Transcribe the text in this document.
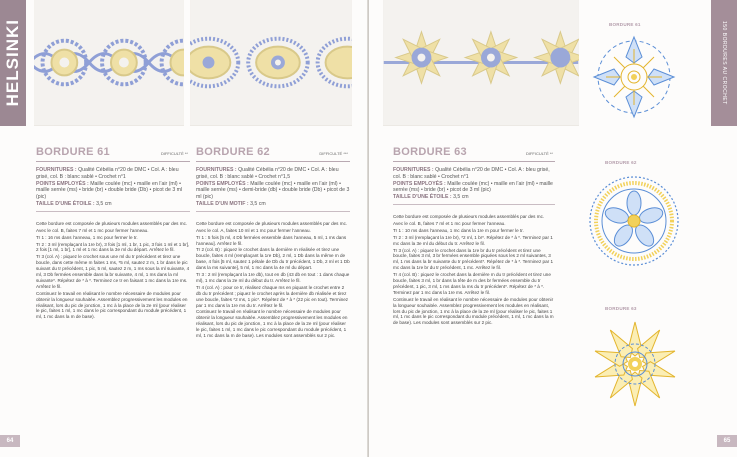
HELSINKI
BORDURE 61	DIFFICULTÉ **
FOURNITURES : Qualité Cébélia n°20 de DMC • Col. A : bleu grisé, col. B : blanc sablé • Crochet n°1
POINTS EMPLOYÉS : Maille coulée (mc) • maille en l’air (ml) • maille serrée (ms) • bride (br) • double bride (Db) • picot de 3 ml (pic)
TAILLE D’UNE ÉTOILE : 3,5 cm

Cette bordure est composée de plusieurs modules assemblés par des mc.

Avec le col. B, faites 7 ml et 1 mc pour fermer l’anneau.

Tr 1 : 16 ms dans l’anneau, 1 mc pour fermer le tr.

Tr 2 : 3 ml (remplaçant la 1re br), 3 fois [1 ml, 1 br, 1 pic, 3 fois 1 ml et 1 br], 2 fois [1 ml, 1 br], 1 ml et 1 mc dans la 3e ml du départ. Arrêtez le fil.

Tr 3 (col. A) : piquez le crochet sous une ml du tr précédent et tirez une boucle, dans cette même m faites 1 ms, *5 ml, sautez 2 m, 1 br dans le pic suivant du tr précédent, 1 pic, 5 ml, sautez 2 m, 1 ms sous la ml suivante, 4 ml, 3 Db fermées ensemble dans la br suivante, 4 ml, 1 ms dans la ml suivante*. Répétez de * à *. Terminez ce tr en faisant 1 mc dans la 1re ms. Arrêtez le fil.

Continuez le travail en réalisant le nombre nécessaire de modules pour obtenir la longueur souhaitée. Assemblez progressivement les modules en réalisant, lors du pic de jonction, 1 mc à la place de la 2e ml (pour réaliser le pic, faites 1 ml, 1 mc dans le pic correspondant du module précédent, 1 ml, 1 mc dans la m de base).

BORDURE 62	DIFFICULTÉ ***
FOURNITURES : Qualité Cébélia n°20 de DMC • Col. A : bleu grisé, col. B : blanc sablé • Crochet n°1,5
POINTS EMPLOYÉS : Maille coulée (mc) • maille en l’air (ml) • maille serrée (ms) • demi-bride (db) • double bride (Db) • picot de 3 ml (pic)
TAILLE D’UN MOTIF : 3,5 cm

Cette bordure est composée de plusieurs modules assemblés par des mc.

Avec le col. A, faites 10 ml et 1 mc pour fermer l’anneau.

Tr 1 : 5 fois [5 ml, 4 Db fermées ensemble dans l’anneau, 5 ml, 1 ms dans l’anneau]. Arrêtez le fil.

Tr 2 (col. B) : piquez le crochet dans la dernière m réalisée et tirez une boucle, faites 4 ml (remplaçant la 1re Db), 2 ml, 1 Db dans la même m de base, 4 fois [5 ml, sautez 1 pétale de Db du tr précédent, 1 Db, 2 ml et 1 Db dans la ms suivante], 5 ml, 1 mc dans la 4e ml du départ.

Tr 3 : 2 ml (remplaçant la 1re db), tout en db (43 db en tout : 1 dans chaque ml), 1 mc dans la 2e ml du début du tr. Arrêtez le fil.

Tr 4 (col. A) : pour ce tr, réalisez chaque ms en piquant le crochet entre 2 db du tr précédent ; piquez le crochet après la dernière db réalisée et tirez une boucle, faites *2 ms, 1 pic*. Répétez de * à * (22 pic en tout). Terminez par 1 mc dans la 1re ms du tr. Arrêtez le fil.

Continuez le travail en réalisant le nombre nécessaire de modules pour obtenir la longueur souhaitée. Assemblez progressivement les modules en réalisant, lors du pic de jonction, 1 mc à la place de la 2e ml (pour réaliser le pic, faites 1 ml, 1 mc dans le pic correspondant du module précédent, 1 ml, 1 mc dans la m de base). Les modules sont assemblés sur 2 pic.

64
BORDURE 63	DIFFICULTÉ **
FOURNITURES : Qualité Cébélia n°20 de DMC • Col. A : bleu grisé, col. B : blanc sablé • Crochet n°1
POINTS EMPLOYÉS : Maille coulée (mc) • maille en l’air (ml) • maille serrée (ms) • bride (br) • picot de 3 ml (pic)
TAILLE D’UNE ÉTOILE : 3,5 cm

Cette bordure est composée de plusieurs modules assemblés par des mc.

Avec le col. B, faites 7 ml et 1 mc pour fermer l’anneau.

Tr 1 : 10 ms dans l’anneau, 1 mc dans la 1re m pour fermer le tr.

Tr 2 : 3 ml (remplaçant la 1re br), *2 ml, 1 br*. Répétez de * à *. Terminez par 1 mc dans la 3e ml du début du tr. Arrêtez le fil.

Tr 3 (col. A) : piquez le crochet dans la 1re br du tr précédent et tirez une boucle, faites 3 ml, 3 br fermées ensemble piquées sous les 2 ml suivantes, 3 ml, 1 ms dans la br suivante du tr précédent*. Répétez de * à *. Terminez par 1 mc dans la 1re br du tr précédent, 1 mc. Arrêtez le fil.

Tr 4 (col. B) : piquez le crochet dans la dernière m du tr précédent et tirez une boucle, faites 3 ml, 1 br dans la tête de m des br fermées ensemble du tr précédent, 1 pic, 3 ml, 1 ms dans la ms du tr précédent*. Répétez de * à *. Terminez par 1 mc dans la 1re ms. Arrêtez le fil.

Continuez le travail en réalisant le nombre nécessaire de modules pour obtenir la longueur souhaitée. Assemblez progressivement les modules en réalisant, lors du pic de jonction, 1 mc à la place de la 2e ml (pour réaliser le pic, faites 1 ml, 1 mc dans le pic correspondant du module précédent, 1 ml, 1 mc dans la m de base). Les modules sont assemblés sur 2 pic.

BORDURE 61
BORDURE 62
BORDURE 63
150 BORDURES AU CROCHET
65
